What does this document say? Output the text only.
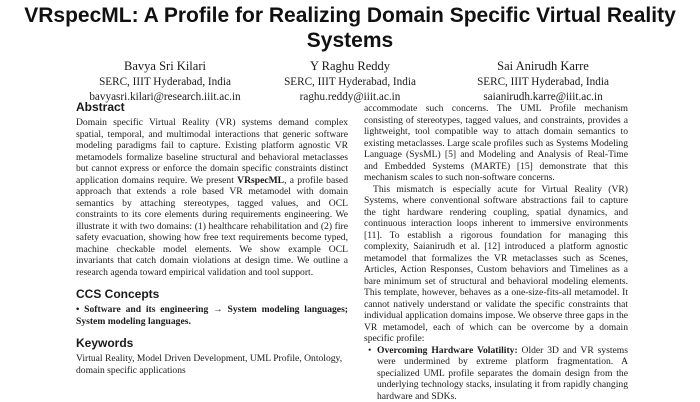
VRspecML: A Profile for Realizing Domain Specific Virtual Reality Systems
Bavya Sri Kilari
SERC, IIIT Hyderabad, India
bavyasri.kilari@research.iiit.ac.in
Y Raghu Reddy
SERC, IIIT Hyderabad, India
raghu.reddy@iiit.ac.in
Sai Anirudh Karre
SERC, IIIT Hyderabad, India
saianirudh.karre@iiit.ac.in
Abstract

Domain specific Virtual Reality (VR) systems demand complex spatial, temporal, and multimodal interactions that generic software modeling paradigms fail to capture. Existing platform agnostic VR metamodels formalize baseline structural and behavioral metaclasses but cannot express or enforce the domain specific constraints distinct application domains require. We present VRspecML, a profile based approach that extends a role based VR metamodel with domain semantics by attaching stereotypes, tagged values, and OCL constraints to its core elements during requirements engineering. We illustrate it with two domains: (1) healthcare rehabilitation and (2) fire safety evacuation, showing how free text requirements become typed, machine checkable model elements. We show example OCL invariants that catch domain violations at design time. We outline a research agenda toward empirical validation and tool support.

CCS Concepts

• Software and its engineering → System modeling languages; System modeling languages.

Keywords

Virtual Reality, Model Driven Development, UML Profile, Ontology, domain specific applications

accommodate such concerns. The UML Profile mechanism consisting of stereotypes, tagged values, and constraints, provides a lightweight, tool compatible way to attach domain semantics to existing metaclasses. Large scale profiles such as Systems Modeling Language (SysML) [5] and Modeling and Analysis of Real-Time and Embedded Systems (MARTE) [15] demonstrate that this mechanism scales to such non-software concerns.

This mismatch is especially acute for Virtual Reality (VR) Systems, where conventional software abstractions fail to capture the tight hardware rendering coupling, spatial dynamics, and continuous interaction loops inherent to immersive environments [11]. To establish a rigorous foundation for managing this complexity, Saianirudh et al. [12] introduced a platform agnostic metamodel that formalizes the VR metaclasses such as Scenes, Articles, Action Responses, Custom behaviors and Timelines as a bare minimum set of structural and behavioral modeling elements. This template, however, behaves as a one-size-fits-all metamodel. It cannot natively understand or validate the specific constraints that individual application domains impose. We observe three gaps in the VR metamodel, each of which can be overcome by a domain specific profile:

• Overcoming Hardware Volatility: Older 3D and VR systems were undermined by extreme platform fragmentation. A specialized UML profile separates the domain design from the underlying technology stacks, insulating it from rapidly changing hardware and SDKs.
